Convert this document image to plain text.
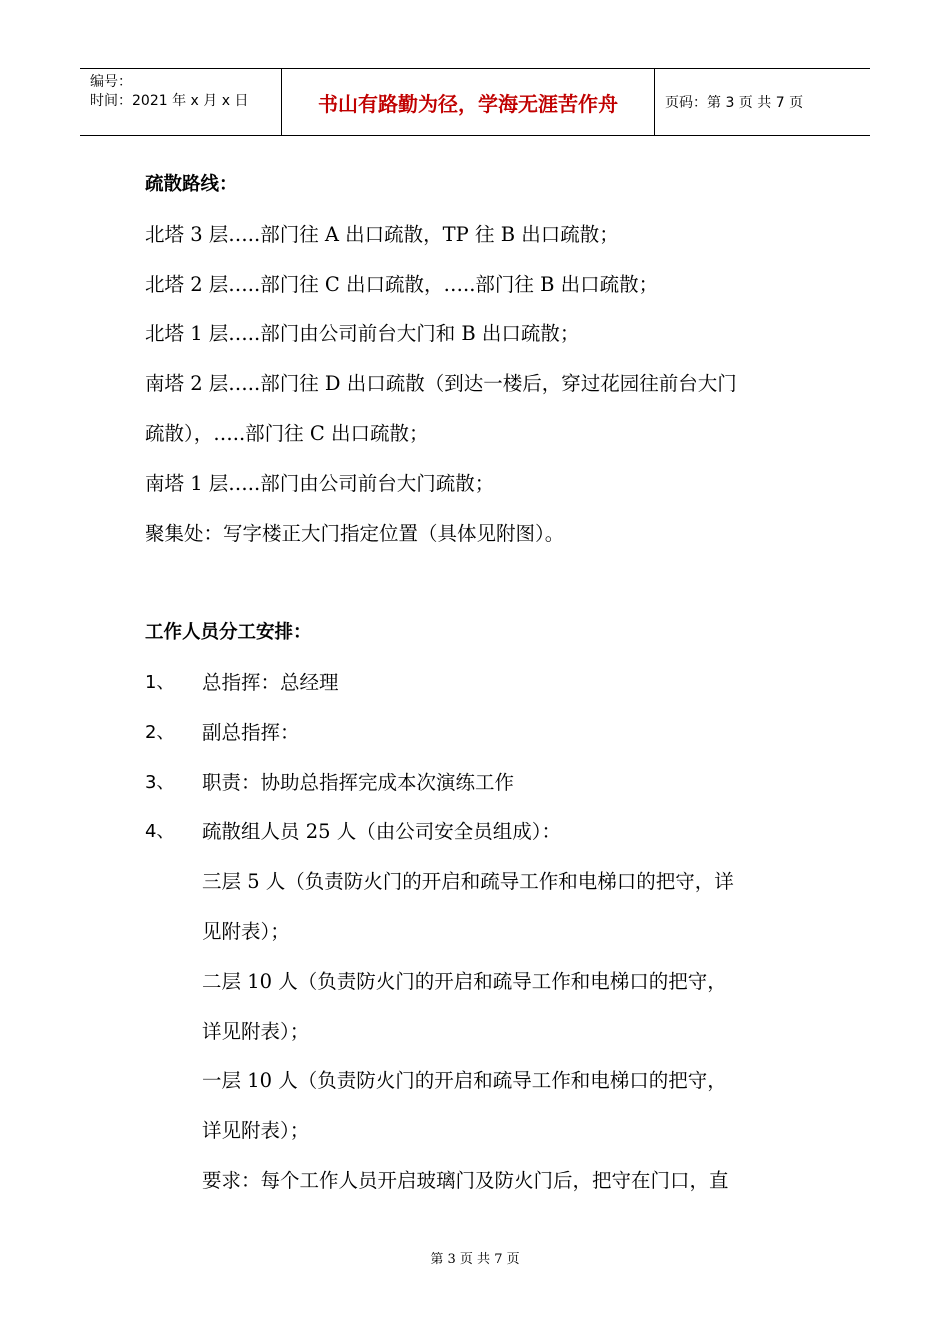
编号：
时间：2021 年 x 月 x 日	书山有路勤为径，学海无涯苦作舟	页码：第 3 页 共 7 页
疏散路线：
北塔 3 层…..部门往 A 出口疏散，TP 往 B 出口疏散；
北塔 2 层…..部门往 C 出口疏散，…..部门往 B 出口疏散；
北塔 1 层…..部门由公司前台大门和 B 出口疏散；
南塔 2 层…..部门往 D 出口疏散（到达一楼后，穿过花园往前台大门
疏散），…..部门往 C 出口疏散；
南塔 1 层…..部门由公司前台大门疏散；
聚集处：写字楼正大门指定位置（具体见附图）。
工作人员分工安排：
1、	总指挥：总经理
2、	副总指挥：
3、	职责：协助总指挥完成本次演练工作
4、	疏散组人员 25 人（由公司安全员组成）：
三层 5 人（负责防火门的开启和疏导工作和电梯口的把守，详
见附表）；
二层 10 人（负责防火门的开启和疏导工作和电梯口的把守，
详见附表）；
一层 10 人（负责防火门的开启和疏导工作和电梯口的把守，
详见附表）；
要求：每个工作人员开启玻璃门及防火门后，把守在门口，直
第 3 页 共 7 页
